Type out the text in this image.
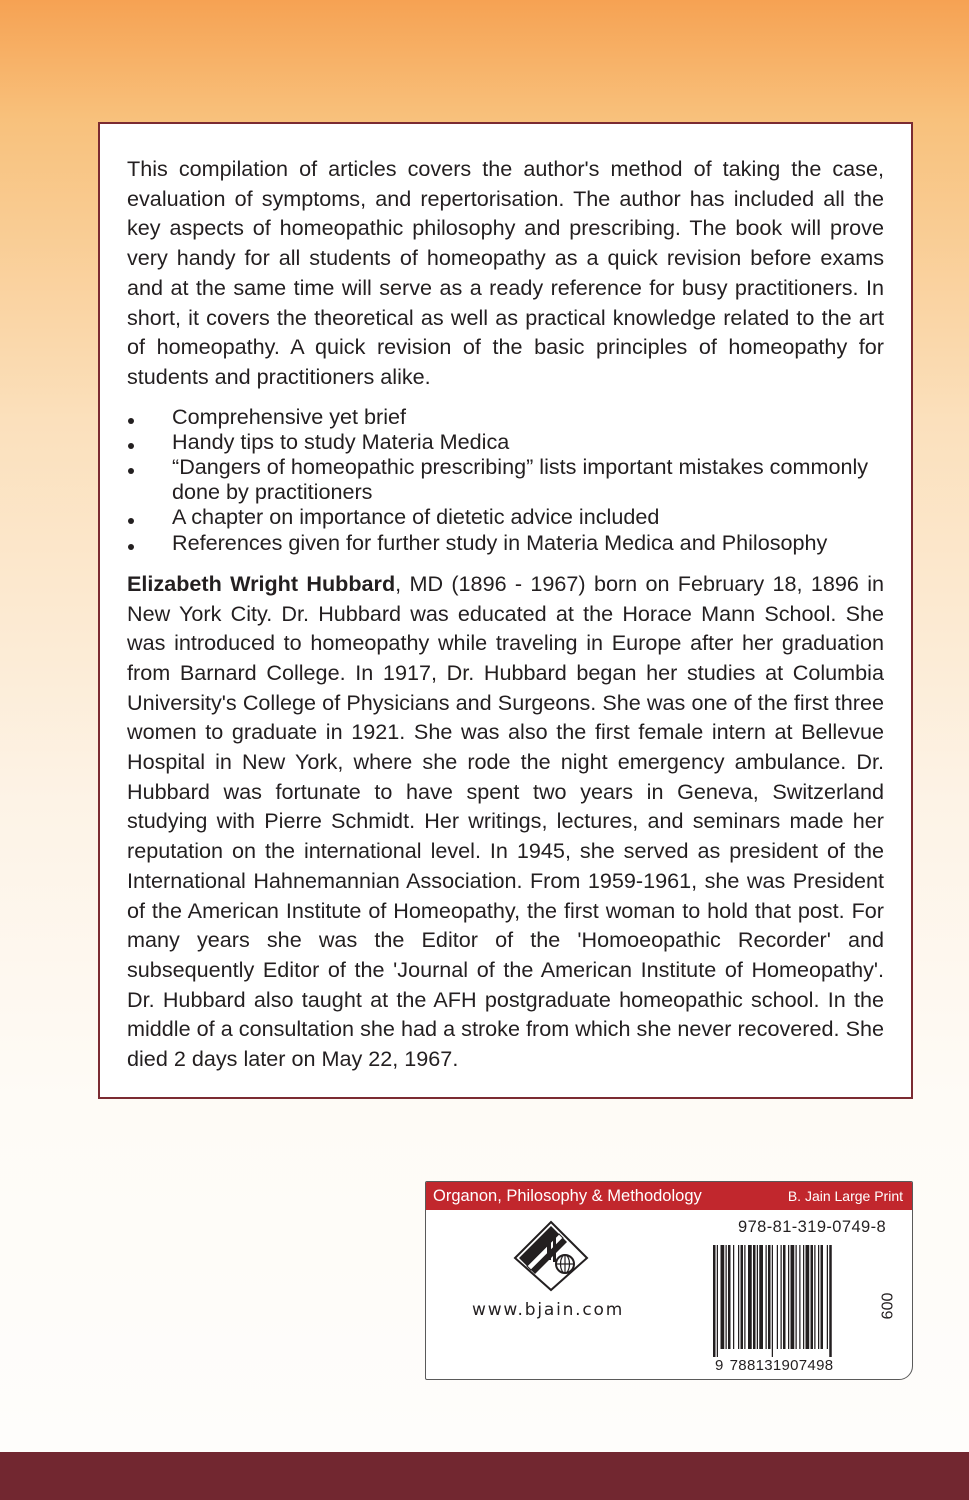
This compilation of articles covers the author's method of taking the case, evaluation of symptoms, and repertorisation. The author has included all the key aspects of homeopathic philosophy and prescribing. The book will prove very handy for all students of homeopathy as a quick revision before exams and at the same time will serve as a ready reference for busy practitioners. In short, it covers the theoretical as well as practical knowledge related to the art of homeopathy. A quick revision of the basic principles of homeopathy for students and practitioners alike.

Comprehensive yet brief
Handy tips to study Materia Medica
“Dangers of homeopathic prescribing” lists important mistakes commonly done by practitioners
A chapter on importance of dietetic advice included
References given for further study in Materia Medica and Philosophy

Elizabeth Wright Hubbard, MD (1896 - 1967) born on February 18, 1896 in New York City. Dr. Hubbard was educated at the Horace Mann School. She was introduced to homeopathy while traveling in Europe after her graduation from Barnard College. In 1917, Dr. Hubbard began her studies at Columbia University's College of Physicians and Surgeons. She was one of the first three women to graduate in 1921. She was also the first female intern at Bellevue Hospital in New York, where she rode the night emergency ambulance. Dr. Hubbard was fortunate to have spent two years in Geneva, Switzerland studying with Pierre Schmidt. Her writings, lectures, and seminars made her reputation on the international level. In 1945, she served as president of the International Hahnemannian Association. From 1959-1961, she was President of the American Institute of Homeopathy, the first woman to hold that post. For many years she was the Editor of the 'Homoeopathic Recorder' and subsequently Editor of the 'Journal of the American Institute of Homeopathy'. Dr. Hubbard also taught at the AFH postgraduate homeopathic school. In the middle of a consultation she had a stroke from which she never recovered. She died 2 days later on May 22, 1967.

Organon, Philosophy & Methodology	B. Jain Large Print
www.bjain.com
978-81-319-0749-8
9 788131907498
009
